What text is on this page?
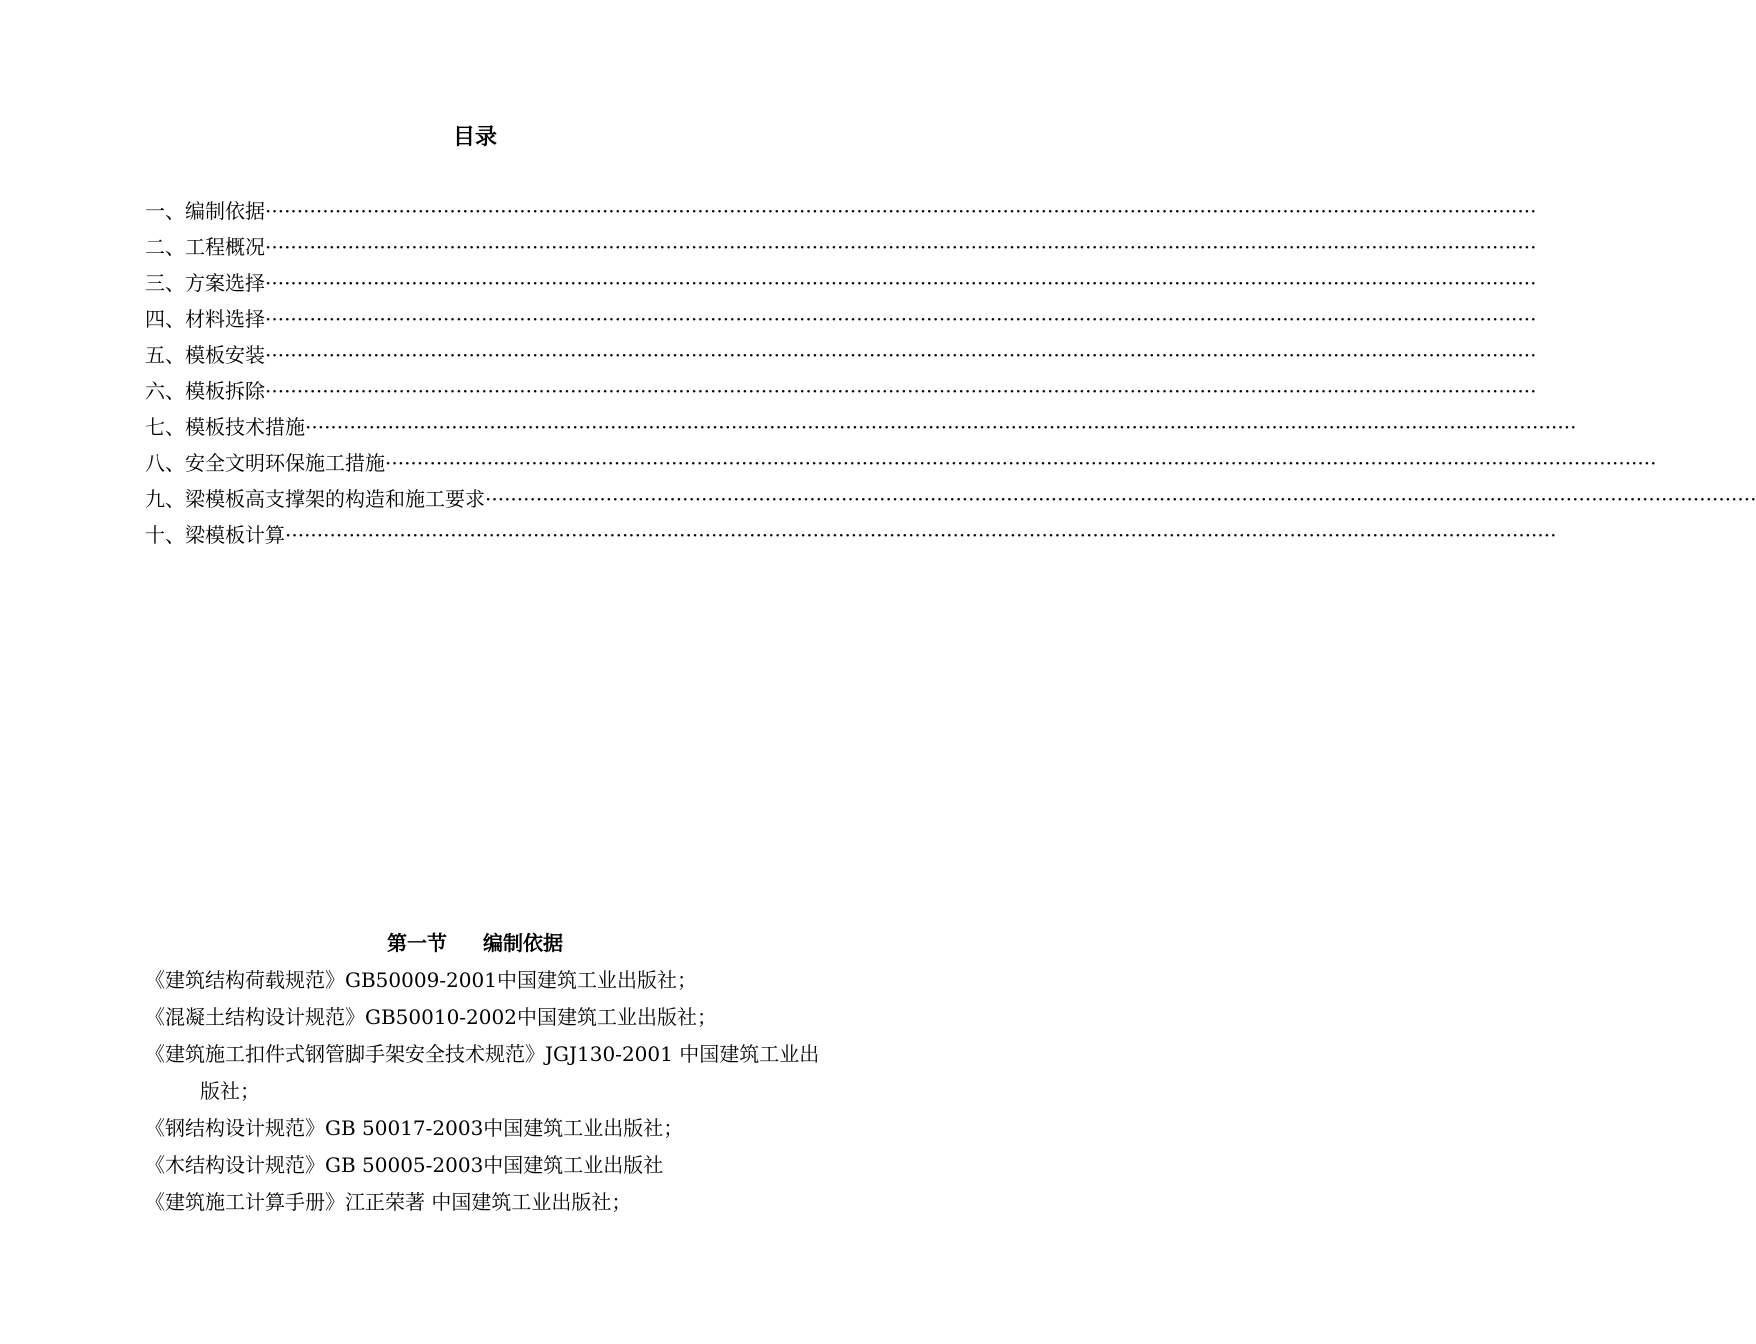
目录
一、编制依据 ········································································································································································································
二、工程概况 ········································································································································································································
三、方案选择 ········································································································································································································
四、材料选择 ········································································································································································································
五、模板安装 ········································································································································································································
六、模板拆除 ········································································································································································································
七、模板技术措施 ········································································································································································································
八、安全文明环保施工措施 ········································································································································································································
九、梁模板高支撑架的构造和施工要求 ········································································································································································································
十、梁模板计算 ········································································································································································································
第一节 编制依据
《建筑结构荷载规范》GB50009-2001中国建筑工业出版社；
《混凝土结构设计规范》GB50010-2002中国建筑工业出版社；
《建筑施工扣件式钢管脚手架安全技术规范》JGJ130-2001 中国建筑工业出版社；
《钢结构设计规范》GB 50017-2003中国建筑工业出版社；
《木结构设计规范》GB 50005-2003中国建筑工业出版社
《建筑施工计算手册》江正荣著 中国建筑工业出版社；
